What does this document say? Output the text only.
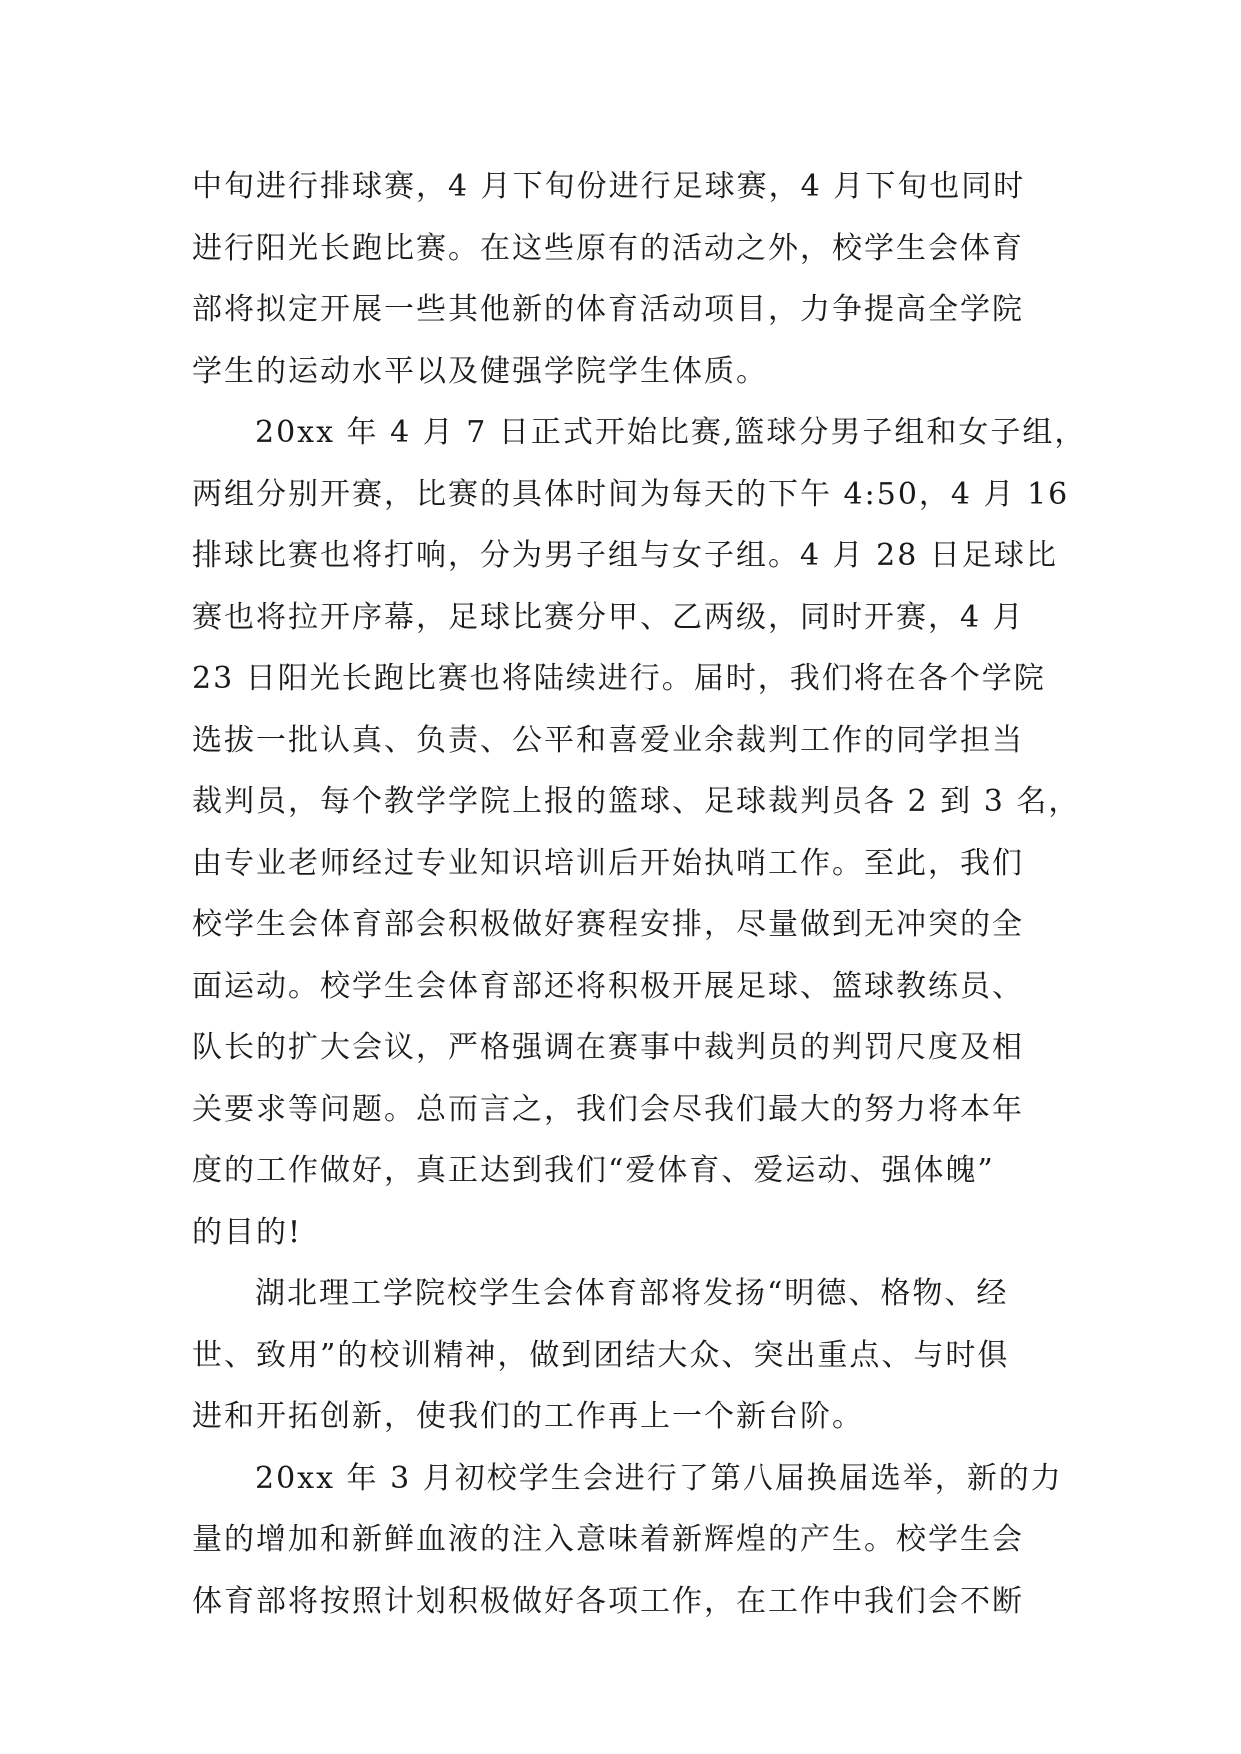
中旬进行排球赛，4 月下旬份进行足球赛，4 月下旬也同时
进行阳光长跑比赛。在这些原有的活动之外，校学生会体育
部将拟定开展一些其他新的体育活动项目，力争提高全学院
学生的运动水平以及健强学院学生体质。
20xx 年 4 月 7 日正式开始比赛,篮球分男子组和女子组，
两组分别开赛，比赛的具体时间为每天的下午 4:50，4 月 16
排球比赛也将打响，分为男子组与女子组。4 月 28 日足球比
赛也将拉开序幕，足球比赛分甲、乙两级，同时开赛，4 月
23 日阳光长跑比赛也将陆续进行。届时，我们将在各个学院
选拔一批认真、负责、公平和喜爱业余裁判工作的同学担当
裁判员，每个教学学院上报的篮球、足球裁判员各 2 到 3 名，
由专业老师经过专业知识培训后开始执哨工作。至此，我们
校学生会体育部会积极做好赛程安排，尽量做到无冲突的全
面运动。校学生会体育部还将积极开展足球、篮球教练员、
队长的扩大会议，严格强调在赛事中裁判员的判罚尺度及相
关要求等问题。总而言之，我们会尽我们最大的努力将本年
度的工作做好，真正达到我们“爱体育、爱运动、强体魄”
的目的!
湖北理工学院校学生会体育部将发扬“明德、格物、经
世、致用”的校训精神，做到团结大众、突出重点、与时俱
进和开拓创新，使我们的工作再上一个新台阶。
20xx 年 3 月初校学生会进行了第八届换届选举，新的力
量的增加和新鲜血液的注入意味着新辉煌的产生。校学生会
体育部将按照计划积极做好各项工作，在工作中我们会不断
